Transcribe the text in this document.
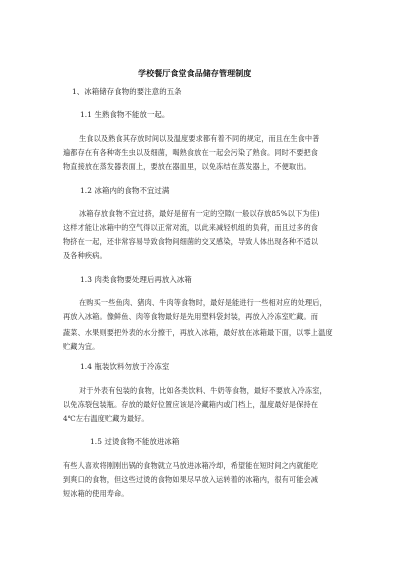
学校餐厅食堂食品储存管理制度
1、冰箱储存食物的要注意的五条
1.1 生熟食物不能放一起。
生食以及熟食其存放时间以及温度要求都有着不同的规定，而且在生食中普
遍都存在有各种寄生虫以及细菌，喝熟食放在一起会污染了熟食。同时不要把食
物直接放在蒸发器表面上，要放在器皿里，以免冻结在蒸发器上，不便取出。
1.2 冰箱内的食物不宜过满
冰箱存放食物不宜过挤，最好是留有一定的空隙(一般以存放85%以下为佳)
这样才能让冰箱中的空气得以正常对流，以此来减轻机组的负荷，而且过多的食
物挤在一起，还非常容易导致食物间细菌的交叉感染，导致人体出现各种不适以
及各种疾病。
1.3 肉类食物要处理后再放入冰箱
在购买一些鱼肉、猪肉、牛肉等食物时，最好是能进行一些相对应的处理后，
再放入冰箱。像鲜鱼、肉等食物最好是先用塑料袋封装，再放入冷冻室贮藏。而
蔬菜、水果则要把外表的水分擦干，再放入冰箱，最好放在冰箱最下面，以零上温度贮藏为宜。
1.4 瓶装饮料勿放于冷冻室
对于外表有包装的食物，比如各类饮料、牛奶等食物，最好不要放入冷冻室，
以免冻裂包装瓶。存放的最好位置应该是冷藏箱内或门档上，温度最好是保持在
4℃左右温度贮藏为最好。
1.5 过烫食物不能放进冰箱
有些人喜欢将刚刚出锅的食物就立马放进冰箱冷却，希望能在短时间之内就能吃
到爽口的食物，但这些过烫的食物如果尽早放入运转着的冰箱内，很有可能会减
短冰箱的使用寿命。
